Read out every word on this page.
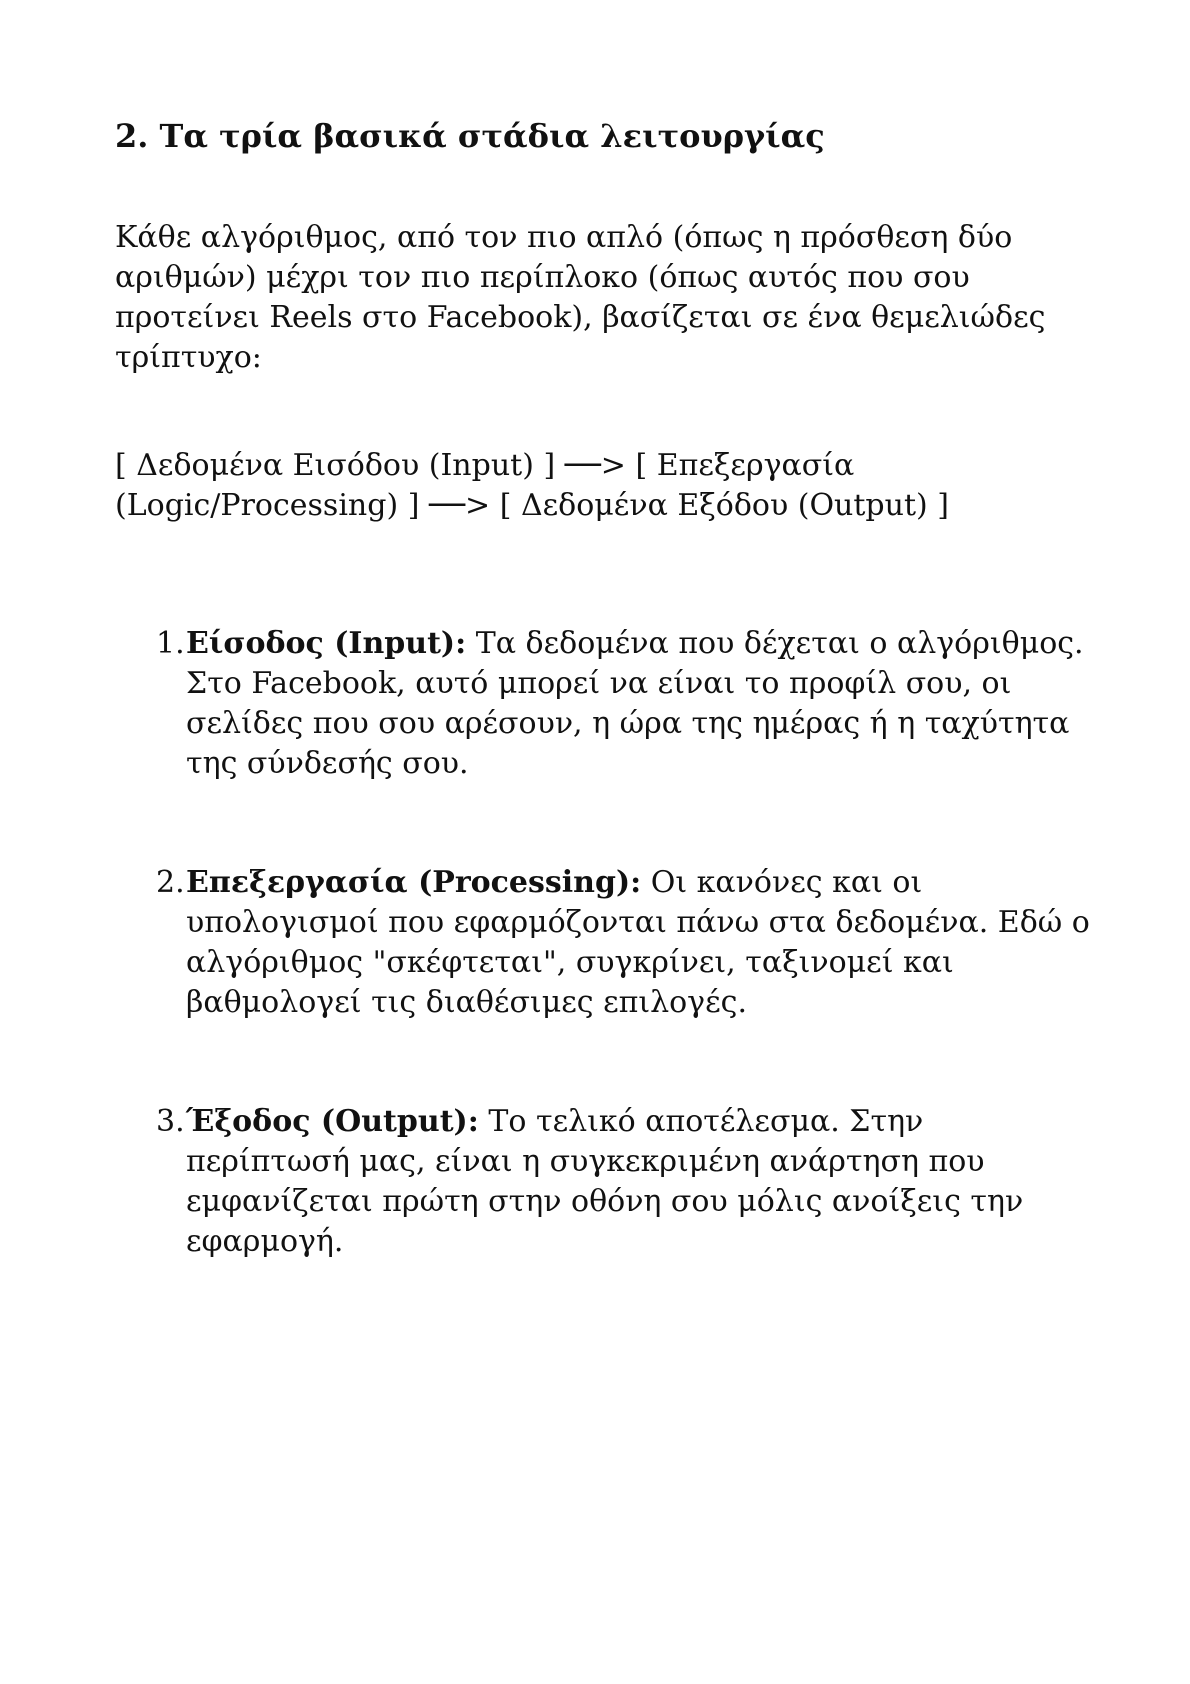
2. Τα τρία βασικά στάδια λειτουργίας

Κάθε αλγόριθμος, από τον πιο απλό (όπως η πρόσθεση δύο αριθμών) μέχρι τον πιο περίπλοκο (όπως αυτός που σου προτείνει Reels στο Facebook), βασίζεται σε ένα θεμελιώδες τρίπτυχο:

[ Δεδομένα Εισόδου (Input) ] ──> [ Επεξεργασία (Logic/Processing) ] ──> [ Δεδομένα Εξόδου (Output) ]

1. Είσοδος (Input): Τα δεδομένα που δέχεται ο αλγόριθμος. Στο Facebook, αυτό μπορεί να είναι το προφίλ σου, οι σελίδες που σου αρέσουν, η ώρα της ημέρας ή η ταχύτητα της σύνδεσής σου.
2. Επεξεργασία (Processing): Οι κανόνες και οι υπολογισμοί που εφαρμόζονται πάνω στα δεδομένα. Εδώ ο αλγόριθμος "σκέφτεται", συγκρίνει, ταξινομεί και βαθμολογεί τις διαθέσιμες επιλογές.
3. Έξοδος (Output): Το τελικό αποτέλεσμα. Στην περίπτωσή μας, είναι η συγκεκριμένη ανάρτηση που εμφανίζεται πρώτη στην οθόνη σου μόλις ανοίξεις την εφαρμογή.
